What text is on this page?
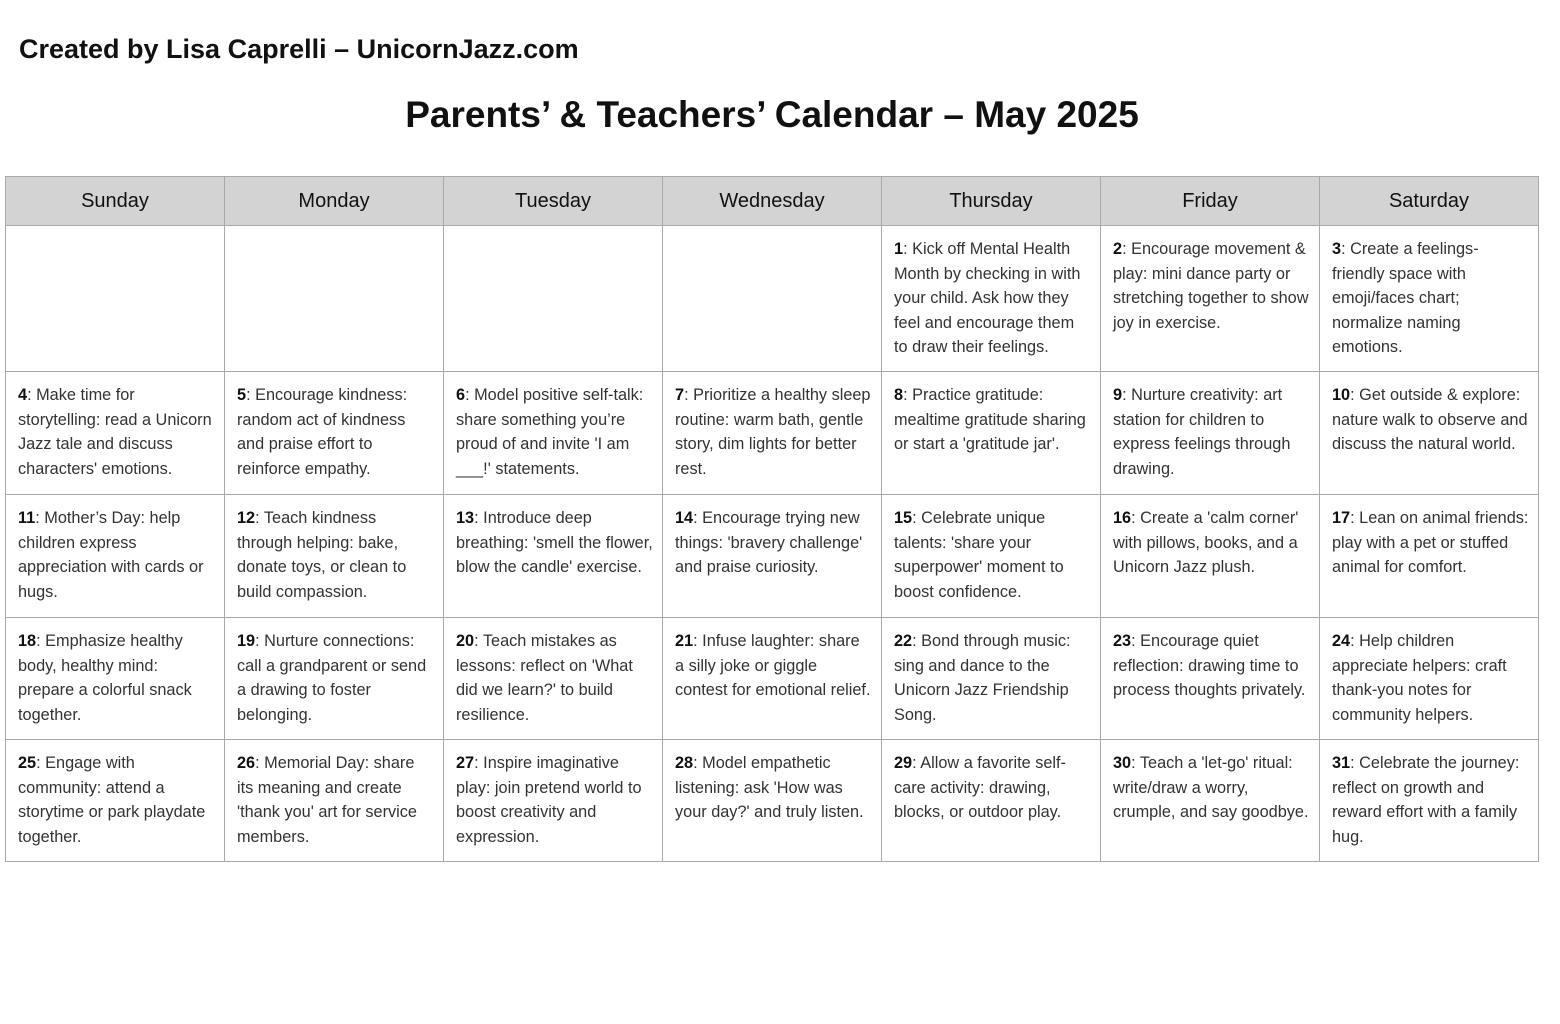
Created by Lisa Caprelli – UnicornJazz.com
Parents’ & Teachers’ Calendar – May 2025
Sunday	Monday	Tuesday	Wednesday	Thursday	Friday	Saturday
				1: Kick off Mental Health Month by checking in with your child. Ask how they feel and encourage them to draw their feelings.	2: Encourage movement & play: mini dance party or stretching together to show joy in exercise.	3: Create a feelings-friendly space with emoji/faces chart; normalize naming emotions.
4: Make time for storytelling: read a Unicorn Jazz tale and discuss characters' emotions.	5: Encourage kindness: random act of kindness and praise effort to reinforce empathy.	6: Model positive self-talk: share something you’re proud of and invite 'I am ___!' statements.	7: Prioritize a healthy sleep routine: warm bath, gentle story, dim lights for better rest.	8: Practice gratitude: mealtime gratitude sharing or start a 'gratitude jar'.	9: Nurture creativity: art station for children to express feelings through drawing.	10: Get outside & explore: nature walk to observe and discuss the natural world.
11: Mother’s Day: help children express appreciation with cards or hugs.	12: Teach kindness through helping: bake, donate toys, or clean to build compassion.	13: Introduce deep breathing: 'smell the flower, blow the candle' exercise.	14: Encourage trying new things: 'bravery challenge' and praise curiosity.	15: Celebrate unique talents: 'share your superpower' moment to boost confidence.	16: Create a 'calm corner' with pillows, books, and a Unicorn Jazz plush.	17: Lean on animal friends: play with a pet or stuffed animal for comfort.
18: Emphasize healthy body, healthy mind: prepare a colorful snack together.	19: Nurture connections: call a grandparent or send a drawing to foster belonging.	20: Teach mistakes as lessons: reflect on 'What did we learn?' to build resilience.	21: Infuse laughter: share a silly joke or giggle contest for emotional relief.	22: Bond through music: sing and dance to the Unicorn Jazz Friendship Song.	23: Encourage quiet reflection: drawing time to process thoughts privately.	24: Help children appreciate helpers: craft thank-you notes for community helpers.
25: Engage with community: attend a storytime or park playdate together.	26: Memorial Day: share its meaning and create 'thank you' art for service members.	27: Inspire imaginative play: join pretend world to boost creativity and expression.	28: Model empathetic listening: ask 'How was your day?' and truly listen.	29: Allow a favorite self-care activity: drawing, blocks, or outdoor play.	30: Teach a 'let-go' ritual: write/draw a worry, crumple, and say goodbye.	31: Celebrate the journey: reflect on growth and reward effort with a family hug.
